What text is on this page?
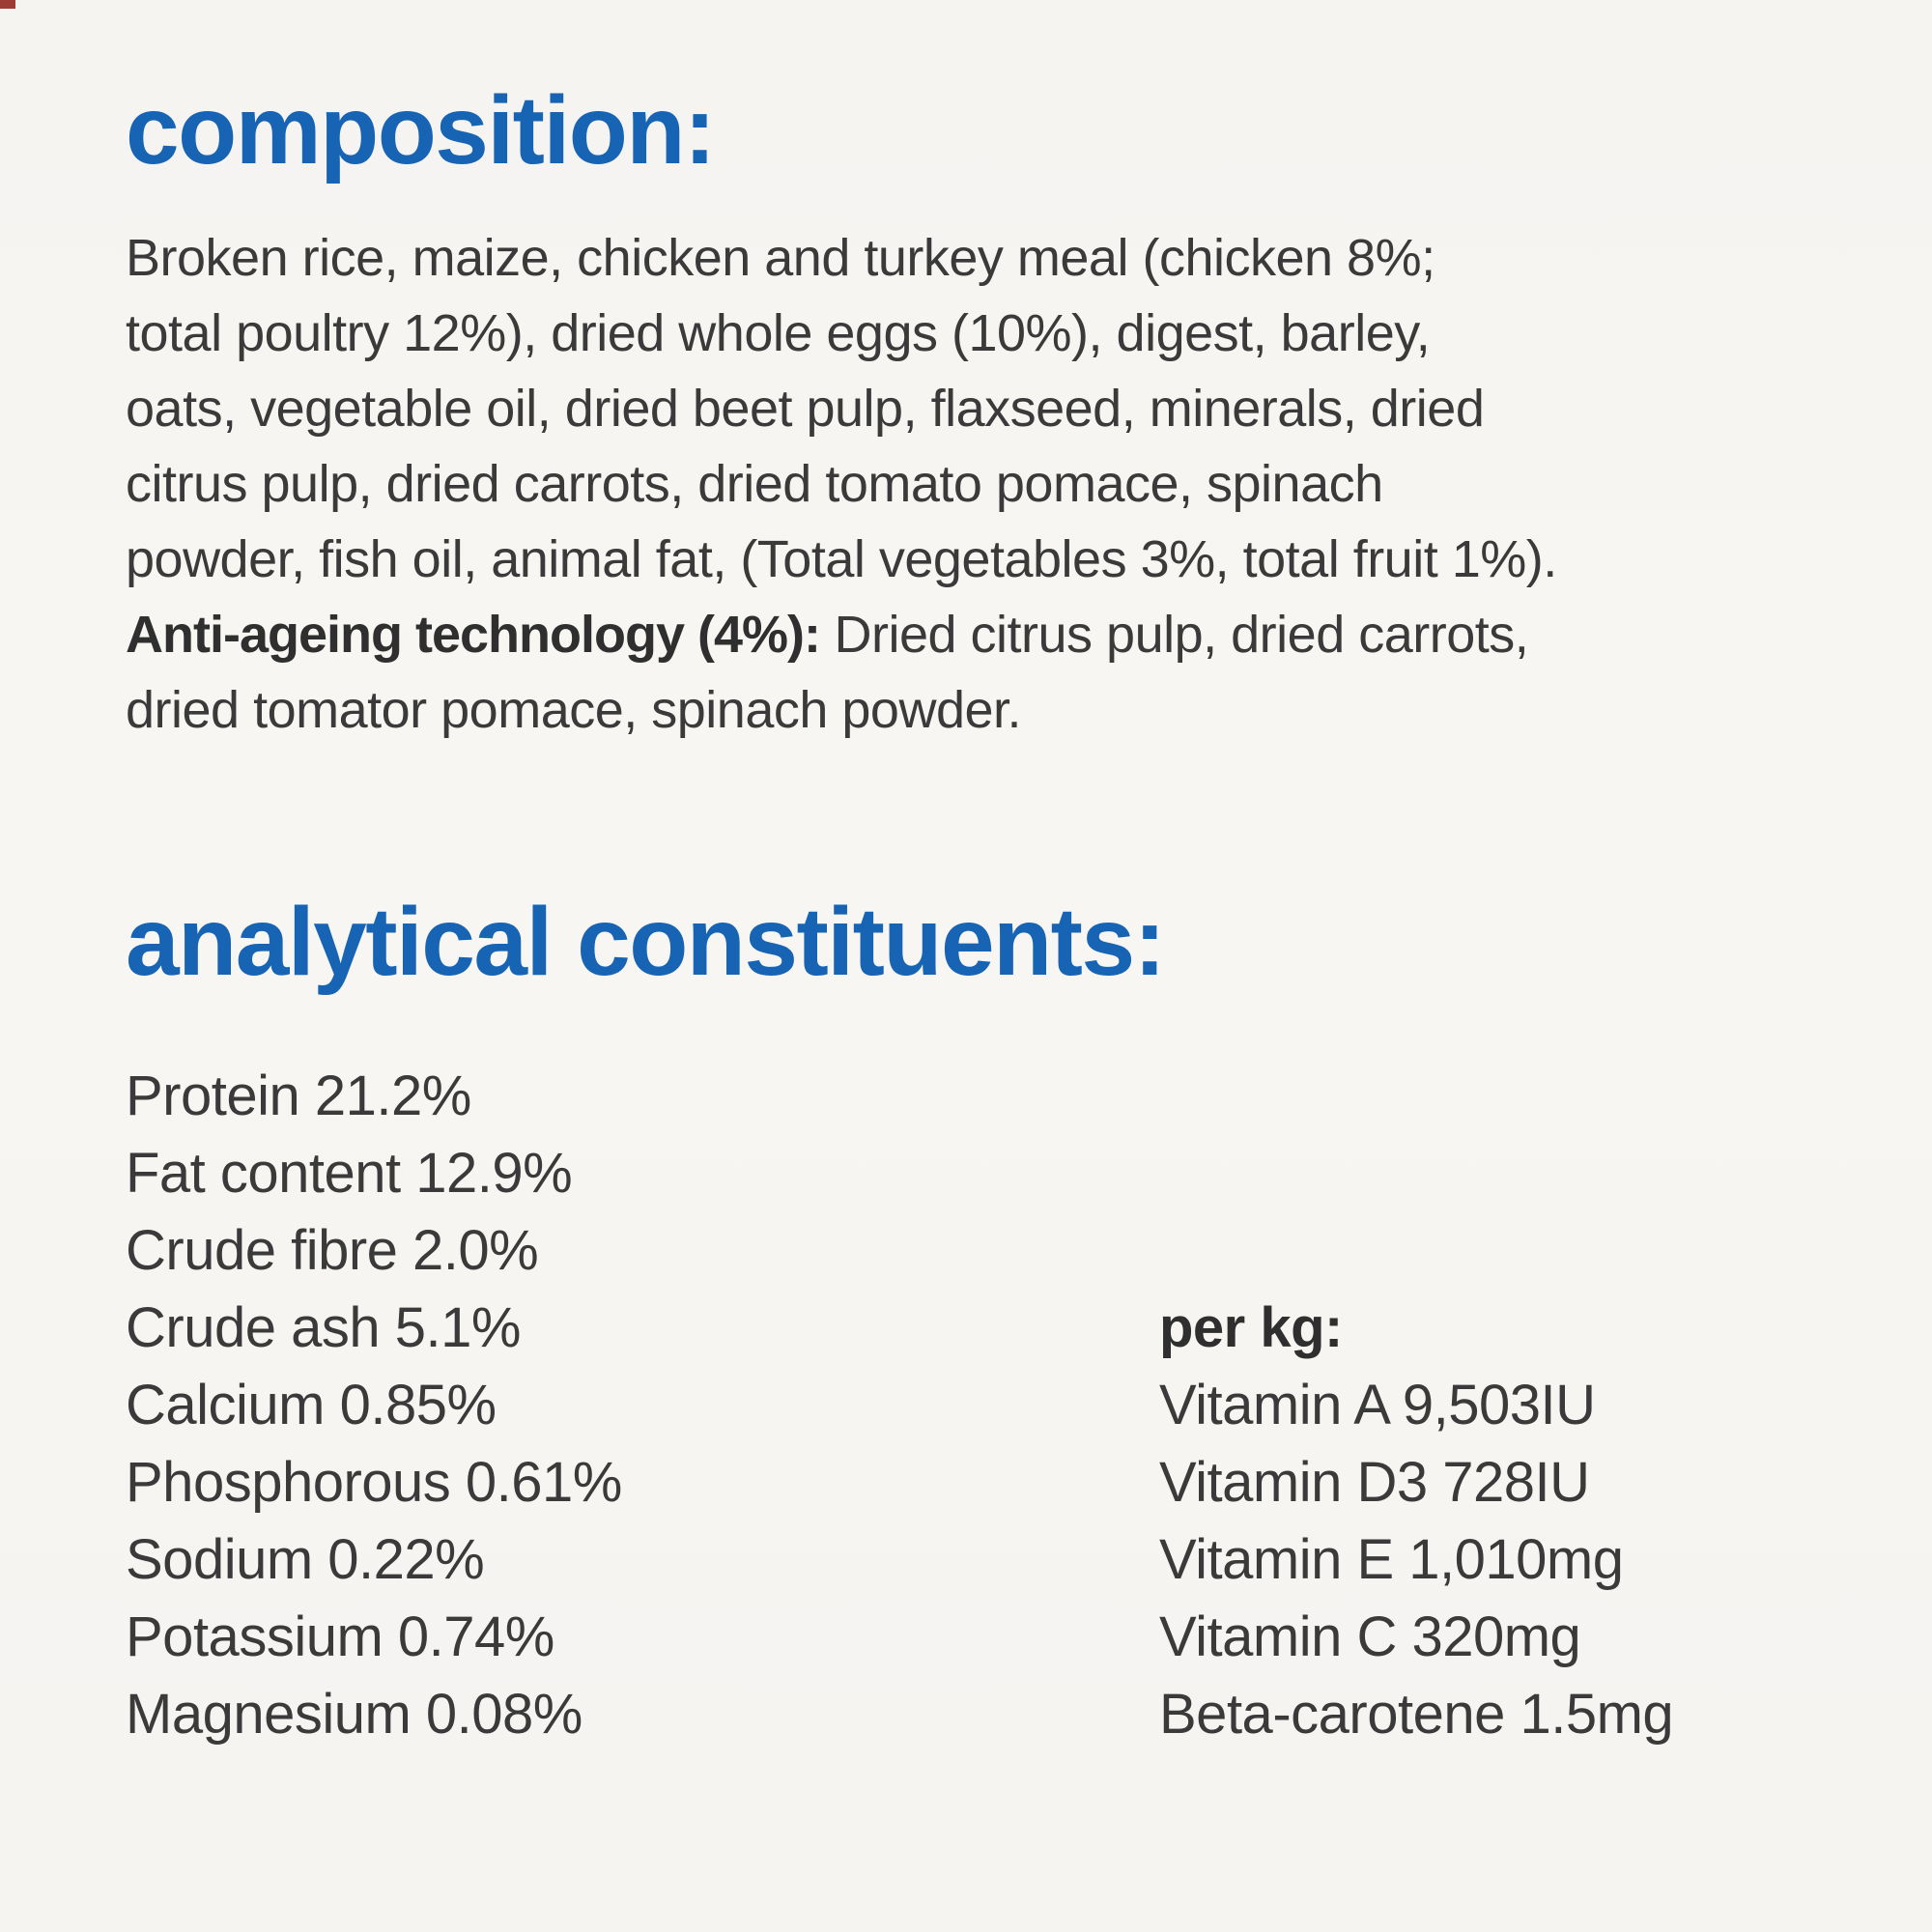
composition:
Broken rice, maize, chicken and turkey meal (chicken 8%;
total poultry 12%), dried whole eggs (10%), digest, barley,
oats, vegetable oil, dried beet pulp, flaxseed, minerals, dried
citrus pulp, dried carrots, dried tomato pomace, spinach
powder, fish oil, animal fat, (Total vegetables 3%, total fruit 1%).
Anti-ageing technology (4%): Dried citrus pulp, dried carrots,
dried tomator pomace, spinach powder.
analytical constituents:
Protein 21.2%
Fat content 12.9%
Crude fibre 2.0%
Crude ash 5.1%
Calcium 0.85%
Phosphorous 0.61%
Sodium 0.22%
Potassium 0.74%
Magnesium 0.08%
per kg:
Vitamin A 9,503IU
Vitamin D3 728IU
Vitamin E 1,010mg
Vitamin C 320mg
Beta-carotene 1.5mg
